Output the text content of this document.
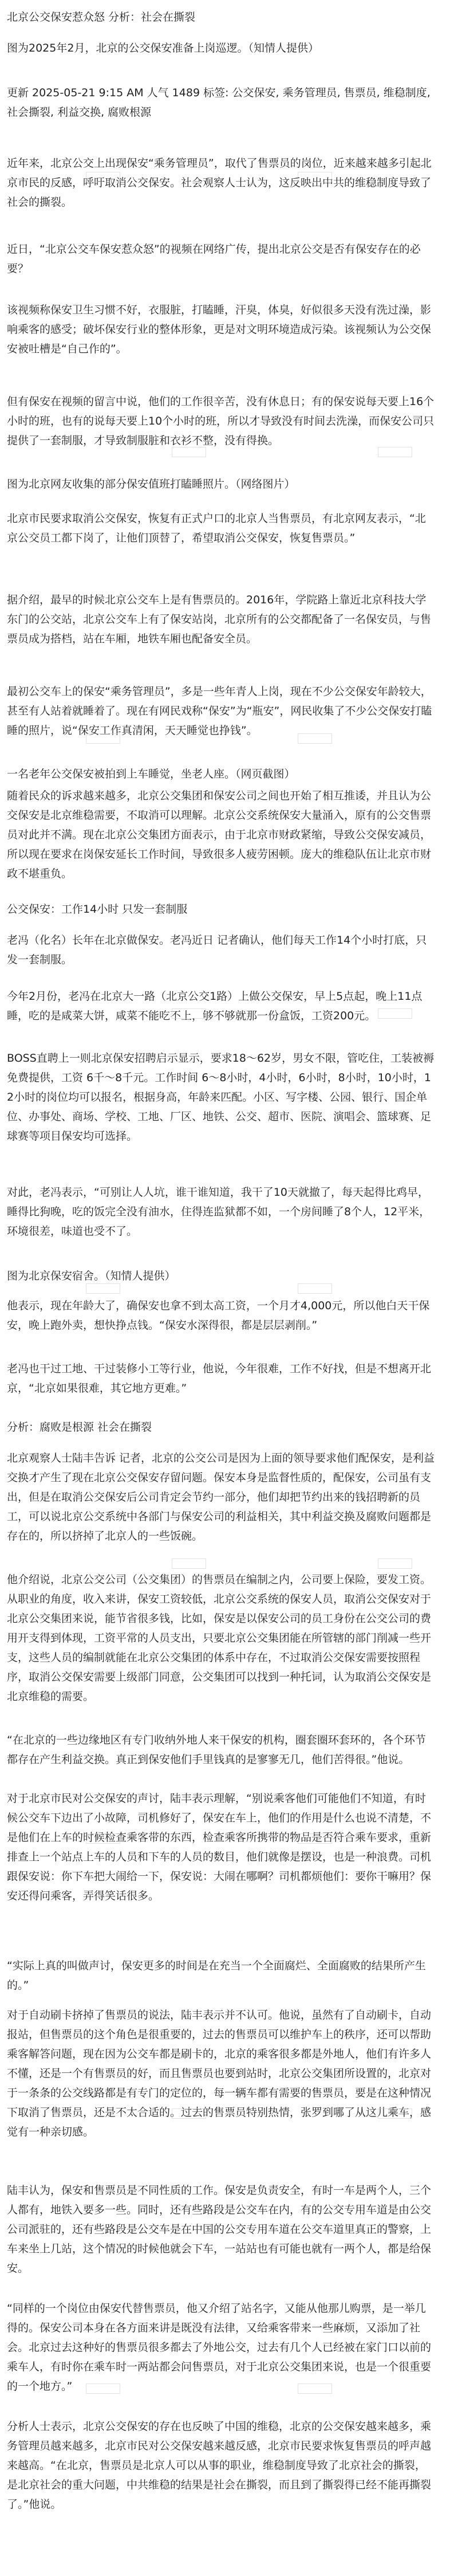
北京公交保安惹众怒 分析：社会在撕裂

图为2025年2月，北京的公交保安准备上岗巡逻。（知情人提供）

更新 2025-05-21 9:15 AM 人气 1489 标签: 公交保安, 乘务管理员, 售票员, 维稳制度, 社会撕裂, 利益交换, 腐败根源

近年来，北京公交上出现保安“乘务管理员”，取代了售票员的岗位，近来越来越多引起北京市民的反感，呼吁取消公交保安。社会观察人士认为，这反映出中共的维稳制度导致了社会的撕裂。

近日，“北京公交车保安惹众怒”的视频在网络广传，提出北京公交是否有保安存在的必要？

该视频称保安卫生习惯不好，衣服脏，打瞌睡，汗臭，体臭，好似很多天没有洗过澡，影响乘客的感受；破坏保安行业的整体形象，更是对文明环境造成污染。该视频认为公交保安被吐槽是“自己作的”。

但有保安在视频的留言中说，他们的工作很辛苦，没有休息日；有的保安说每天要上16个小时的班，也有的说每天要上10个小时的班，所以才导致没有时间去洗澡，而保安公司只提供了一套制服，才导致制服脏和衣衫不整，没有得换。

图为北京网友收集的部分保安值班打瞌睡照片。（网络图片）

北京市民要求取消公交保安，恢复有正式户口的北京人当售票员，有北京网友表示，“北京公交员工都下岗了，让他们顶替了，希望取消公交保安，恢复售票员。”

据介绍，最早的时候北京公交车上是有售票员的。2016年，学院路上靠近北京科技大学东门的公交站，北京公交车上有了保安站岗，北京所有的公交都配备了一名保安员，与售票员成为搭档，站在车厢，地铁车厢也配备安全员。

最初公交车上的保安“乘务管理员”，多是一些年青人上岗，现在不少公交保安年龄较大，甚至有人站着就睡着了。现在有网民戏称“保安”为“瓶安”，网民收集了不少公交保安打瞌睡的照片，说“保安工作真清闲，天天睡觉也挣钱”。

一名老年公交保安被拍到上车睡觉，坐老人座。（网页截图）

随着民众的诉求越来越多，北京公交集团和保安公司之间也开始了相互推诿，并且认为公交保安是北京维稳需要，不取消可以理解。北京公交系统保安大量涌入，原有的公交售票员对此并不满。现在北京公交集团方面表示，由于北京市财政紧缩，导致公交保安减员，所以现在要求在岗保安延长工作时间，导致很多人疲劳困顿。庞大的维稳队伍让北京市财政不堪重负。

公交保安：工作14小时 只发一套制服

老冯（化名）长年在北京做保安。老冯近日 记者确认，他们每天工作14个小时打底，只发一套制服。

今年2月份，老冯在北京大一路（北京公交1路）上做公交保安，早上5点起，晚上11点睡，吃的是咸菜大饼，咸菜不能吃不上，够不够就那一份盒饭，工资200元。

BOSS直聘上一则北京保安招聘启示显示，要求18～62岁，男女不限，管吃住，工装被褥免费提供，工资 6千～8千元。工作时间 6～8小时，4小时，6小时，8小时，10小时，12小时的岗位均可以报名，根据身高，年龄来匹配。小区、写字楼、公园、银行、国企单位、办事处、商场、学校、工地、厂区、地铁、公交、超市、医院、演唱会、篮球赛、足球赛等项目保安均可选择。

对此，老冯表示，“可别让人人坑，谁干谁知道，我干了10天就撤了，每天起得比鸡早，睡得比狗晚，吃的饭完全没有油水，住得连监狱都不如，一个房间睡了8个人，12平米，环境很差，味道也受不了。

图为北京保安宿舍。（知情人提供）

他表示，现在年龄大了，确保安也拿不到太高工资，一个月才4,000元，所以他白天干保安，晚上跑外卖，想快挣点钱。“保安水深得很，都是层层剥削。”

老冯也干过工地、干过装修小工等行业，他说，今年很难，工作不好找，但是不想离开北京，“北京如果很难，其它地方更难。”

分析：腐败是根源 社会在撕裂

北京观察人士陆丰告诉 记者，北京的公交公司是因为上面的领导要求他们配保安，是利益交换才产生了现在北京公交保安存留问题。保安本身是监督性质的，配保安，公司虽有支出，但是在取消公交保安后公司肯定会节约一部分，他们却把节约出来的钱招聘新的员工，可以说北京公交系统中各部门与保安公司的利益相关，其中利益交换及腐败问题都是存在的，所以挤掉了北京人的一些饭碗。

他介绍说，北京公交公司（公交集团）的售票员在编制之内，公司要上保险，要发工资。从职业的角度，收入来讲，保安工资较低，北京公交系统的保安人员，取消公交保安对于北京公交集团来说，能节省很多钱，比如，保安是以保安公司的员工身份在公交公司的费用开支得到体现，工资平常的人员支出，只要北京公交集团能在所管辖的部门削减一些开支，这些人员的编制就能在北京公交集团的体系中存在，不过取消公交保安需要按照程序，取消公交保安需要上级部门同意，公交集团可以找到一种托词，认为取消公交保安是北京维稳的需要。

“在北京的一些边缘地区有专门收纳外地人来干保安的机构，圈套圈环套环的，各个环节都存在产生利益交换。真正到保安他们手里钱真的是寥寥无几，他们苦得很。”他说。

对于北京市民对公交保安的声讨，陆丰表示理解，“别说乘客他们可能他们不知道，有时候公交车下边出了小故障，司机修好了，保安在车上，他们的作用是什么也说不清楚，不是他们在上车的时候检查乘客带的东西，检查乘客所携带的物品是否符合乘车要求，重新排查上一个站点上车的人员和下车的人员的数目，他们就像是摆设，也是一种浪费。司机跟保安说：你下车把大闹给一下，保安说：大闹在哪啊？司机都烦他们：要你干嘛用？保安还得问乘客，弄得笑话很多。

“实际上真的叫做声讨，保安更多的时间是在充当一个全面腐烂、全面腐败的结果所产生的。”

对于自动刷卡挤掉了售票员的说法，陆丰表示并不认可。他说，虽然有了自动刷卡，自动报站，但售票员的这个角色是很重要的，过去的售票员可以维护车上的秩序，还可以帮助乘客解答问题，现在因为公交车都是刷卡的，北京的乘客很多都是外地人，他们有许多人不懂，还是一个有售票员的好，而且售票员也要到站时，北京公交集团所设置的，北京对于一条条的公交线路都是有专门的定位的，每一辆车都有需要的售票员，要是在这种情况下取消了售票员，还是不太合适的。过去的售票员特别热情，张罗到哪了从这儿乘车，感觉有一种亲切感。

陆丰认为，保安和售票员是不同性质的工作。保安是负责安全，有时一车是两个人，三个人都有，地铁入要多一些。同时，还有些路段是公交车在内，有的公交专用车道是由公交公司派驻的，还有些路段是公交车是在中国的公交专用车道在公交车道里真正的警察，上车来坐上几站，这个情况的时候他就会下车，一站站也有可能也就有一两个人，都是给保安。

“同样的一个岗位由保安代替售票员，他又介绍了站名字，又能从他那儿购票，是一举几得的。保安公司本身在各方面来讲是既没有法律，又给乘客带来一些麻烦，又添加了社会。北京过去这种好的售票员很多都去了外地公交，过去有几个人已经被在家门口以前的乘车人，有时你在乘车时一两站都会问售票员，对于北京公交集团来说，也是一个很重要的一个地方。”

分析人士表示，北京公交保安的存在也反映了中国的维稳，北京的公交保安越来越多，乘务管理员越来越多，北京市民对公交保安越来越反感，北京市民要求恢复售票员的呼声越来越高。“在北京，售票员是北京人可以从事的职业，维稳制度导致了北京社会的撕裂，是北京社会的重大问题，中共维稳的结果是社会在撕裂，而且到了撕裂得已经不能再撕裂了。”他说。
